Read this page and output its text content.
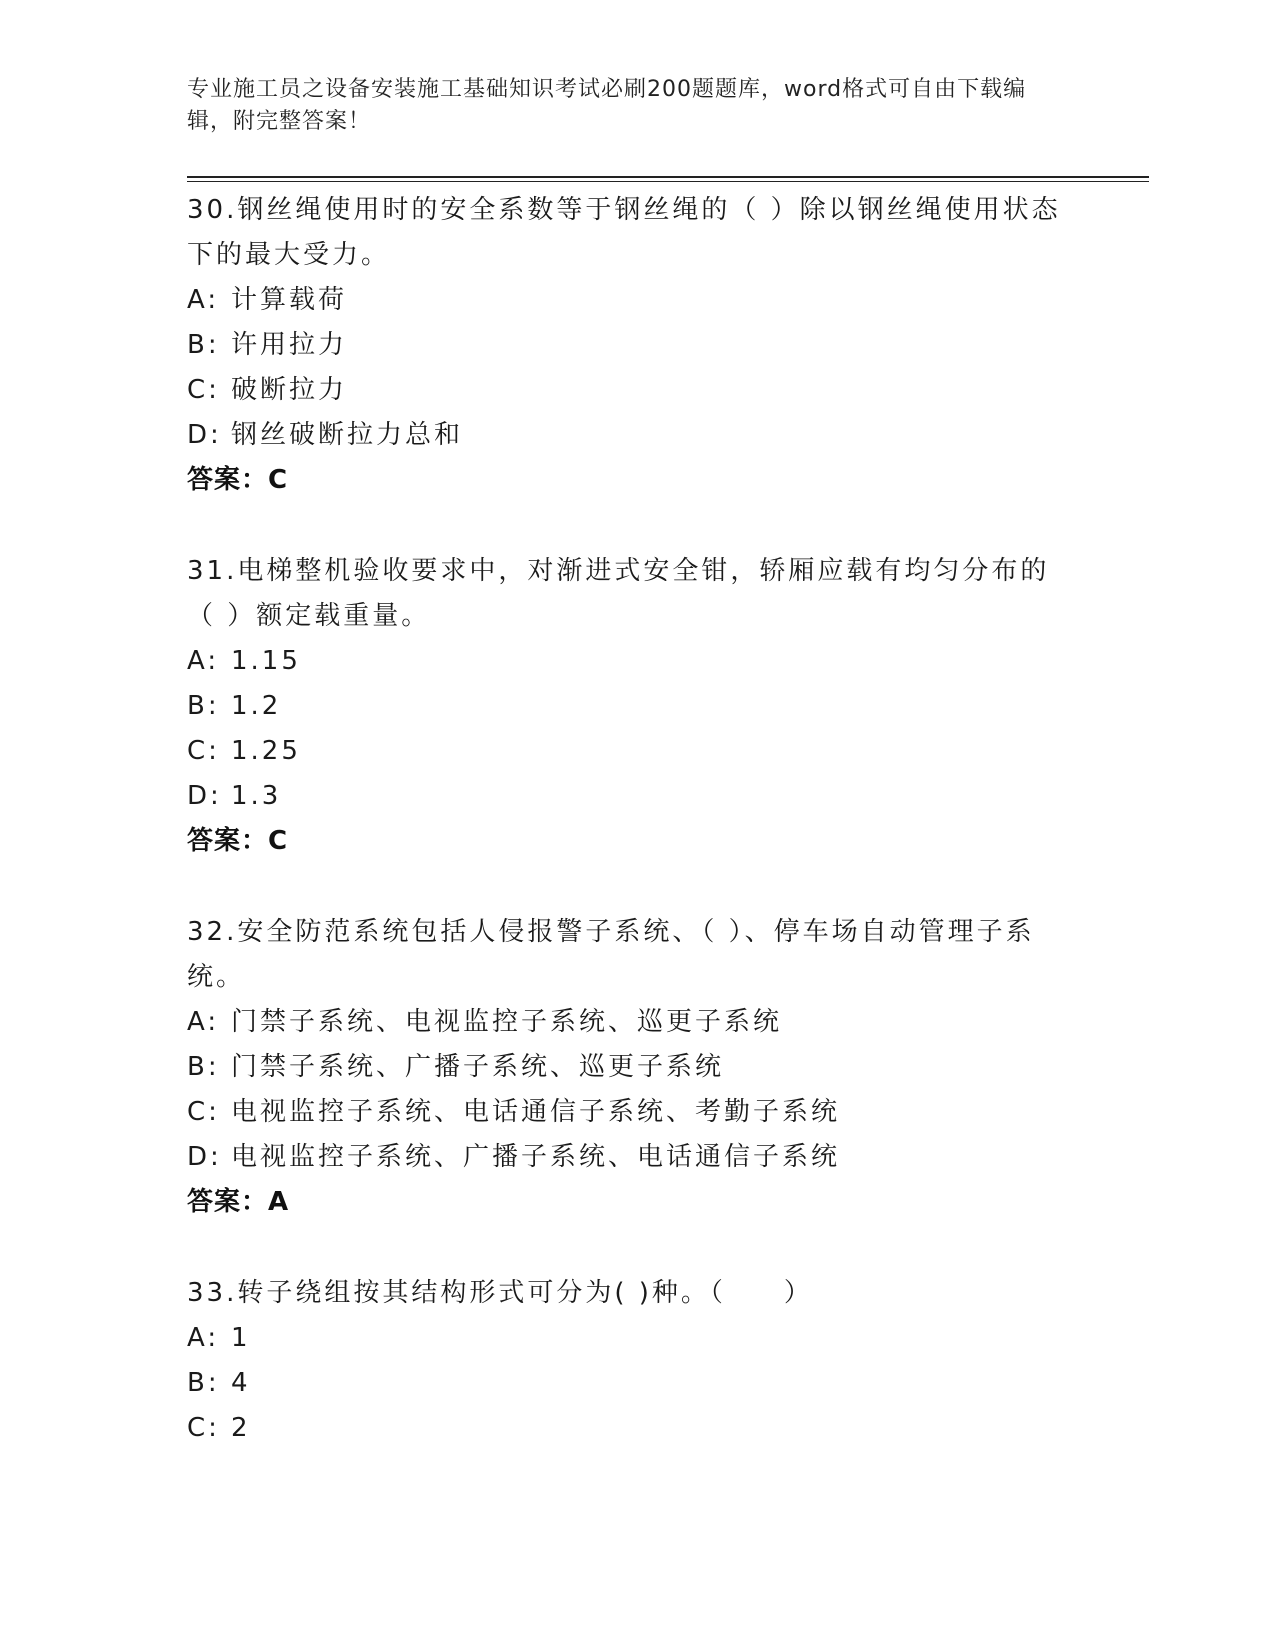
专业施工员之设备安装施工基础知识考试必刷200题题库，word格式可自由下载编辑，附完整答案！
30.钢丝绳使用时的安全系数等于钢丝绳的（ ）除以钢丝绳使用状态下的最大受力。
A: 计算载荷
B: 许用拉力
C: 破断拉力
D: 钢丝破断拉力总和
答案：C
31.电梯整机验收要求中，对渐进式安全钳，轿厢应载有均匀分布的（ ）额定载重量。
A: 1.15
B: 1.2
C: 1.25
D: 1.3
答案：C
32.安全防范系统包括人侵报警子系统、（ ）、停车场自动管理子系统。
A: 门禁子系统、电视监控子系统、巡更子系统
B: 门禁子系统、广播子系统、巡更子系统
C: 电视监控子系统、电话通信子系统、考勤子系统
D: 电视监控子系统、广播子系统、电话通信子系统
答案：A
33.转子绕组按其结构形式可分为( )种。（　　）
A: 1
B: 4
C: 2
